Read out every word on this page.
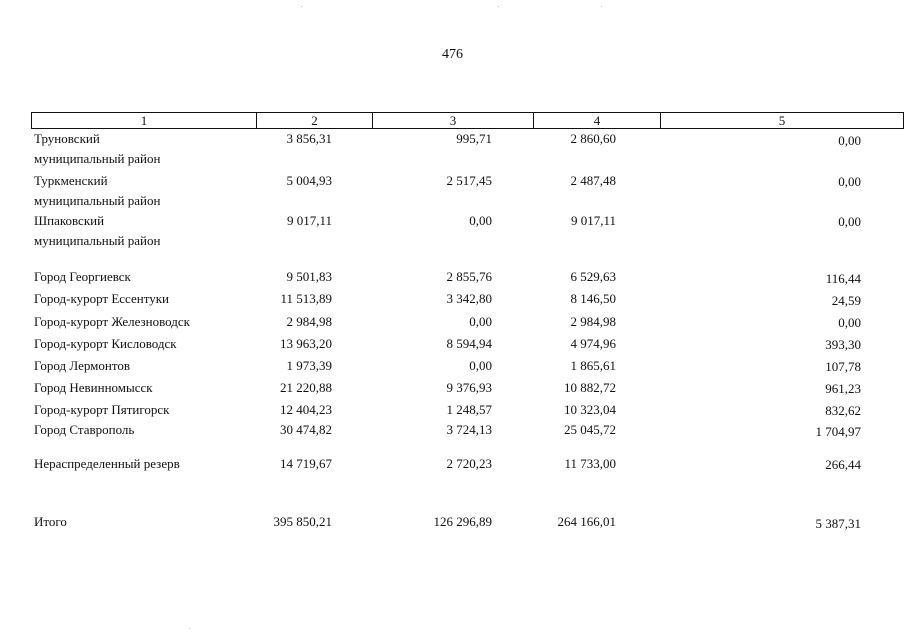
476
1	2	3	4	5
Труновский
муниципальный район
3 856,31	995,71	2 860,60	0,00
Туркменский
муниципальный район
5 004,93	2 517,45	2 487,48	0,00
Шпаковский
муниципальный район
9 017,11	0,00	9 017,11	0,00
Город Георгиевск	9 501,83	2 855,76	6 529,63	116,44
Город-курорт Ессентуки	11 513,89	3 342,80	8 146,50	24,59
Город-курорт Железноводск	2 984,98	0,00	2 984,98	0,00
Город-курорт Кисловодск	13 963,20	8 594,94	4 974,96	393,30
Город Лермонтов	1 973,39	0,00	1 865,61	107,78
Город Невинномысск	21 220,88	9 376,93	10 882,72	961,23
Город-курорт Пятигорск	12 404,23	1 248,57	10 323,04	832,62
Город Ставрополь	30 474,82	3 724,13	25 045,72	1 704,97
Нераспределенный резерв	14 719,67	2 720,23	11 733,00	266,44
Итого	395 850,21	126 296,89	264 166,01	5 387,31
